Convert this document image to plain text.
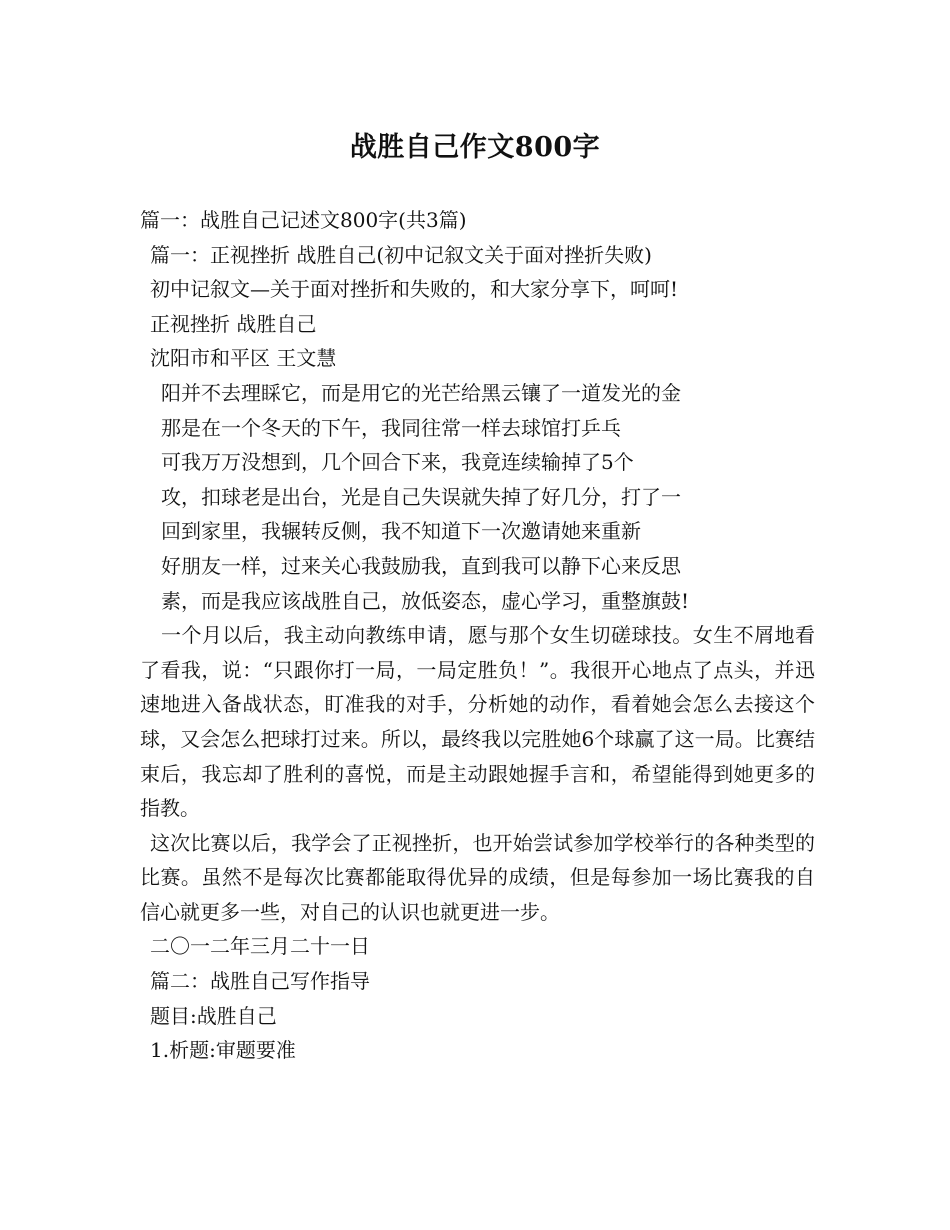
战胜自己作文800字

篇一：战胜自己记述文800字(共3篇)

篇一：正视挫折 战胜自己(初中记叙文关于面对挫折失败)

初中记叙文—关于面对挫折和失败的，和大家分享下，呵呵!

正视挫折 战胜自己

沈阳市和平区 王文慧

阳并不去理睬它，而是用它的光芒给黑云镶了一道发光的金

那是在一个冬天的下午，我同往常一样去球馆打乒乓

可我万万没想到，几个回合下来，我竟连续输掉了5个

攻，扣球老是出台，光是自己失误就失掉了好几分，打了一

回到家里，我辗转反侧，我不知道下一次邀请她来重新

好朋友一样，过来关心我鼓励我，直到我可以静下心来反思

素，而是我应该战胜自己，放低姿态，虚心学习，重整旗鼓!

一个月以后，我主动向教练申请，愿与那个女生切磋球技。女生不屑地看了看我，说：“只跟你打一局，一局定胜负！”。我很开心地点了点头，并迅速地进入备战状态，盯准我的对手，分析她的动作，看着她会怎么去接这个球，又会怎么把球打过来。所以，最终我以完胜她6个球赢了这一局。比赛结束后，我忘却了胜利的喜悦，而是主动跟她握手言和，希望能得到她更多的指教。

这次比赛以后，我学会了正视挫折，也开始尝试参加学校举行的各种类型的比赛。虽然不是每次比赛都能取得优异的成绩，但是每参加一场比赛我的自信心就更多一些，对自己的认识也就更进一步。

二〇一二年三月二十一日

篇二：战胜自己写作指导

题目:战胜自己

1.析题:审题要准
